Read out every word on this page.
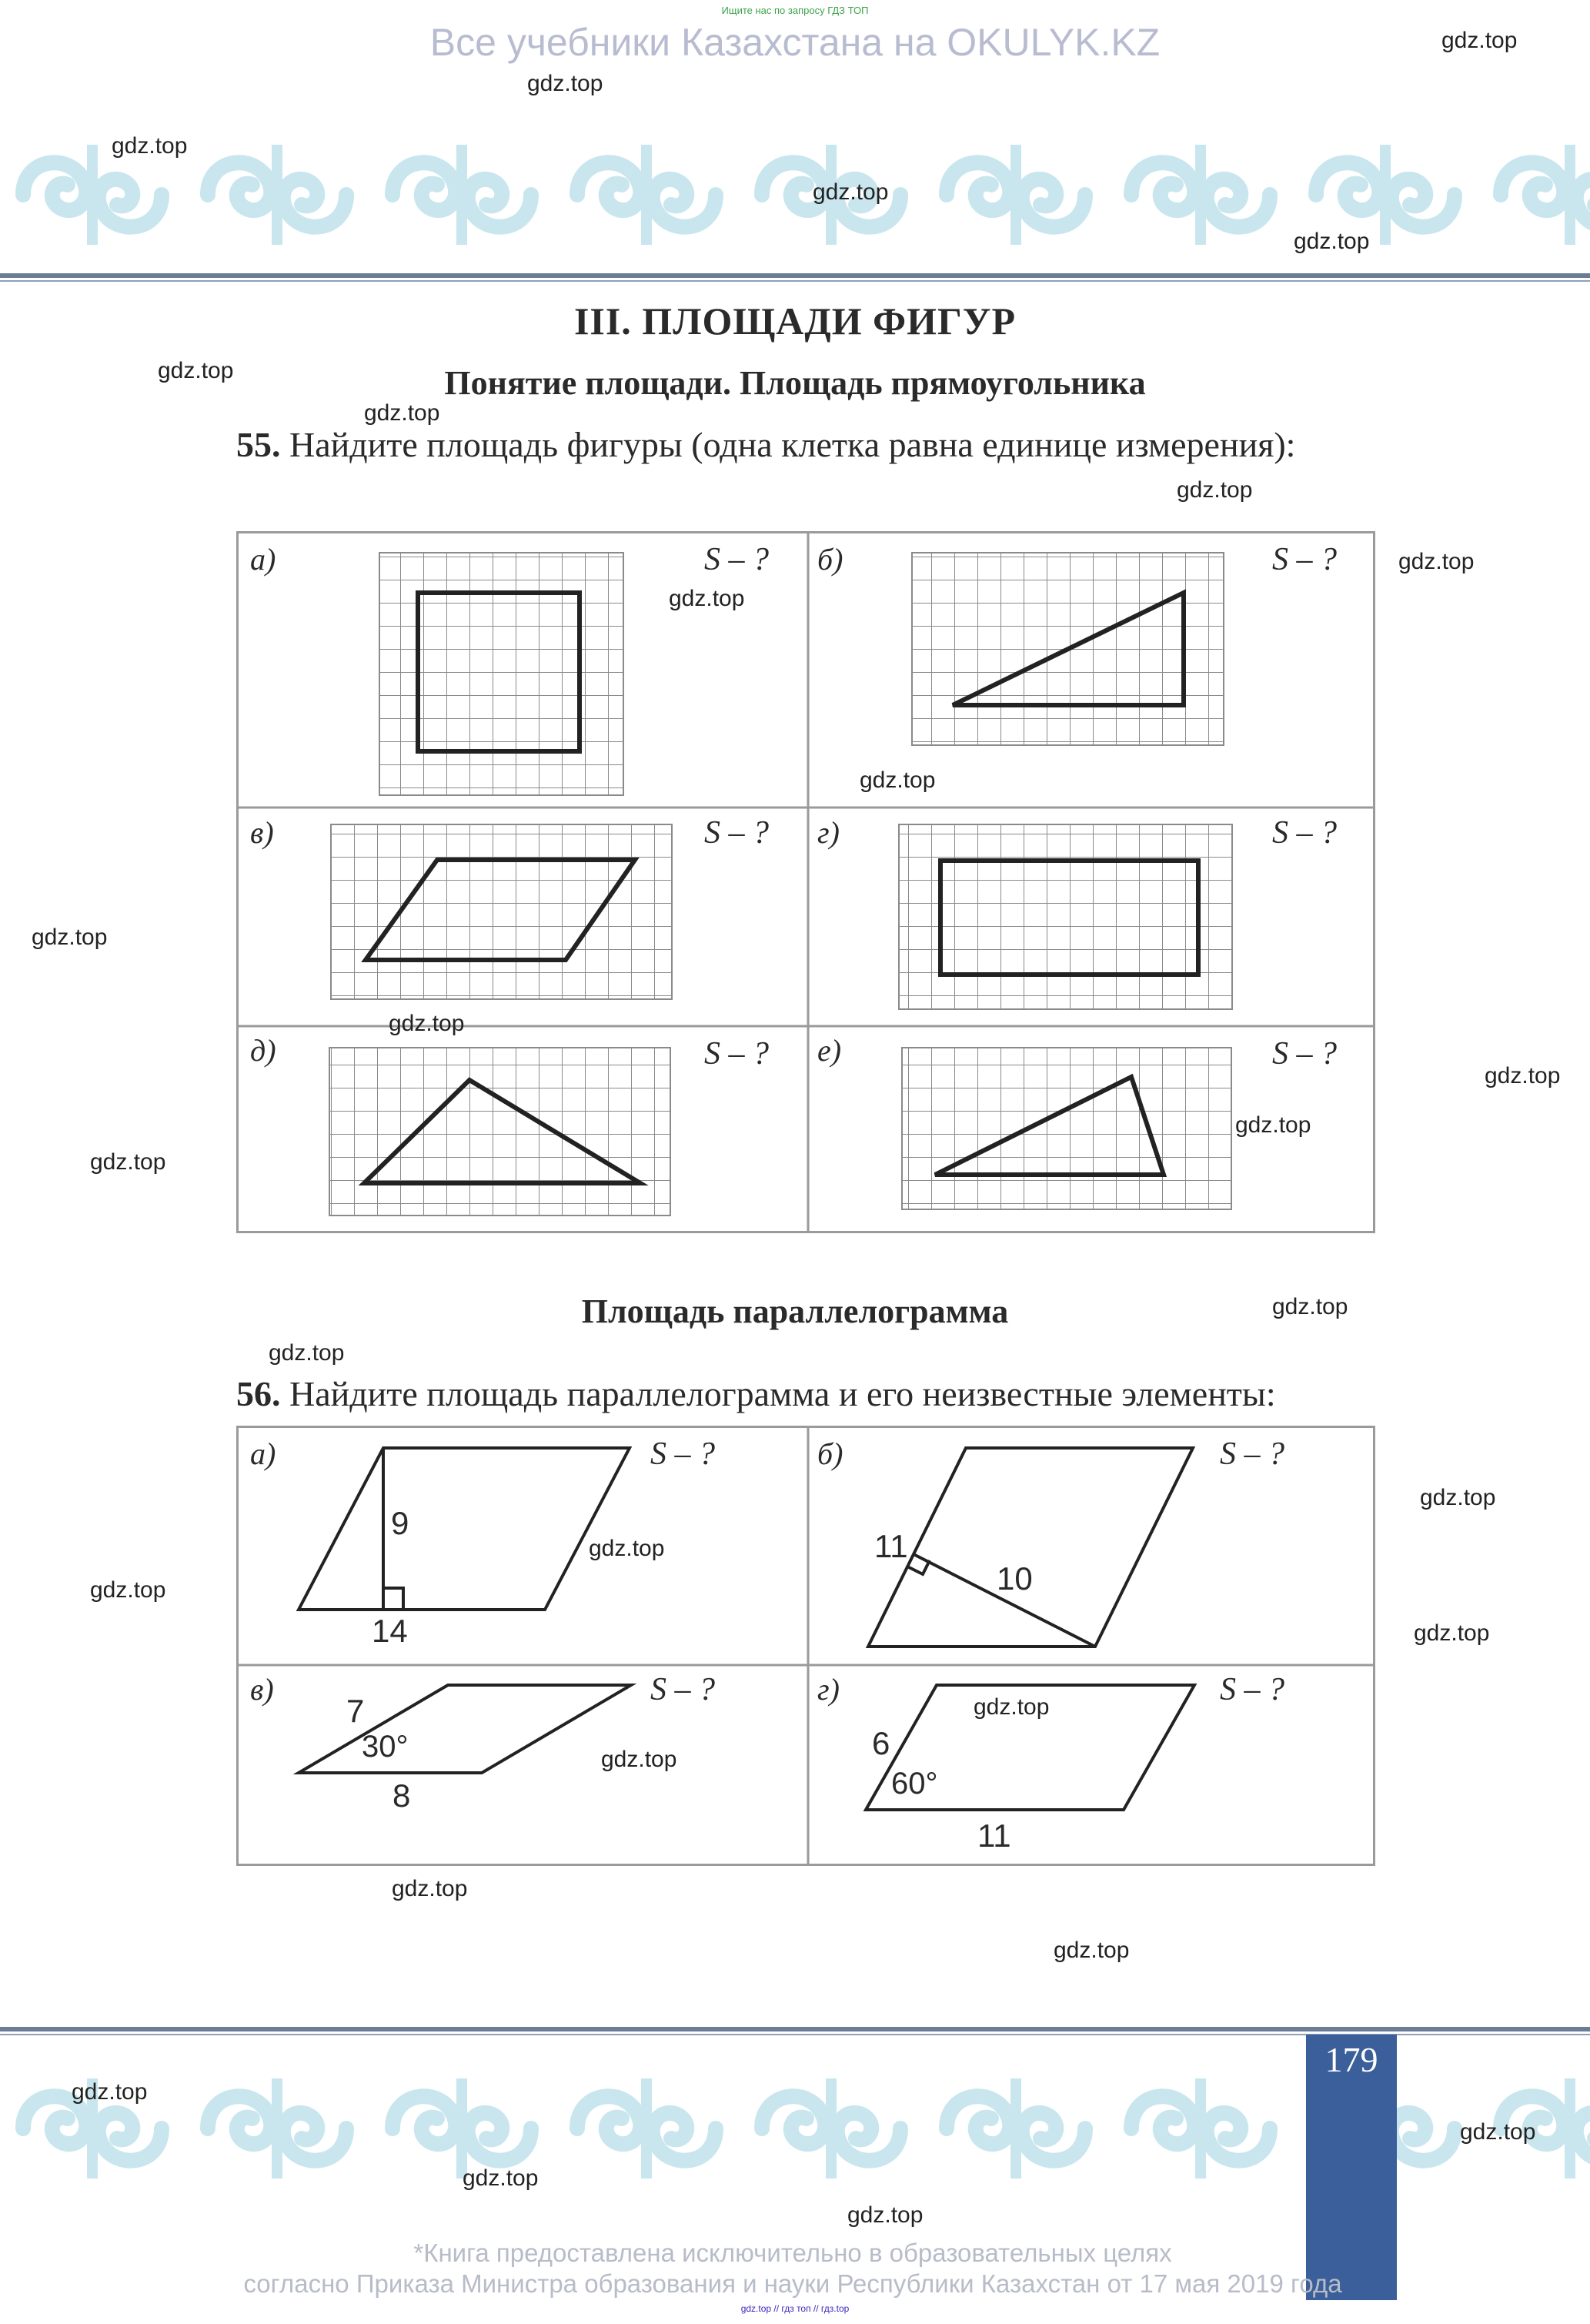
Ищите нас по запросу ГДЗ ТОП
Все учебники Казахстана на OKULYK.KZ
III. ПЛОЩАДИ ФИГУР
Понятие площади. Площадь прямоугольника
55. Найдите площадь фигуры (одна клетка равна единице измерения):
а)	S – ? б)	S – ?
в)	S – ? г)	S – ?
д)	S – ? е)	S – ?
Площадь параллелограмма
56. Найдите площадь параллелограмма и его неизвестные элементы:
а)	S – ?	б)	S – ?
в)	S – ?	г)	S – ?
9
14
11
10
7
30°
8
6
60°
11
179
*Книга предоставлена исключительно в образовательных целях
согласно Приказа Министра образования и науки Республики Казахстан от 17 мая 2019 года
gdz.top // гдз топ // гдз.top
gdz.top
gdz.top
gdz.top
gdz.top
gdz.top
gdz.top
gdz.top
gdz.top
gdz.top
gdz.top
gdz.top
gdz.top
gdz.top
gdz.top
gdz.top
gdz.top
gdz.top
gdz.top
gdz.top
gdz.top
gdz.top
gdz.top
gdz.top
gdz.top
gdz.top
gdz.top
gdz.top
gdz.top
gdz.top
gdz.top
